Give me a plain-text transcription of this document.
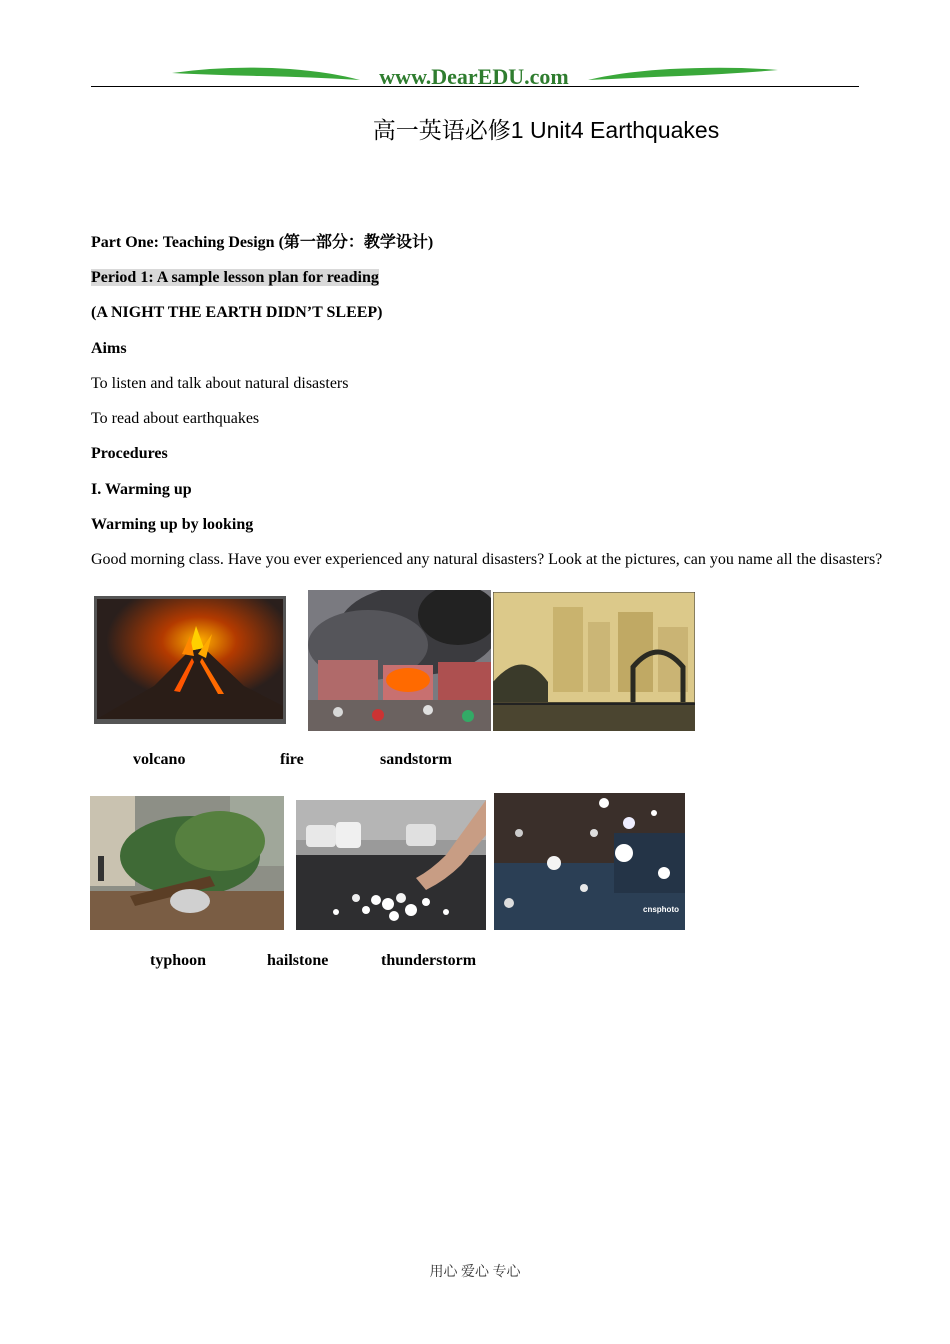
www.DearEDU.com
高一英语必修1 Unit4 Earthquakes
Part One: Teaching Design (第一部分：教学设计)
Period 1: A sample lesson plan for reading
(A NIGHT THE EARTH DIDN’T SLEEP)
Aims
To listen and talk about natural disasters
To read about earthquakes
Procedures
I. Warming up
Warming up by looking
Good morning class. Have you ever experienced any natural disasters? Look at the pictures, can you name all the disasters?
volcano	fire	sandstorm
cnsphoto
typhoon	hailstone	thunderstorm
用心 爱心 专心
